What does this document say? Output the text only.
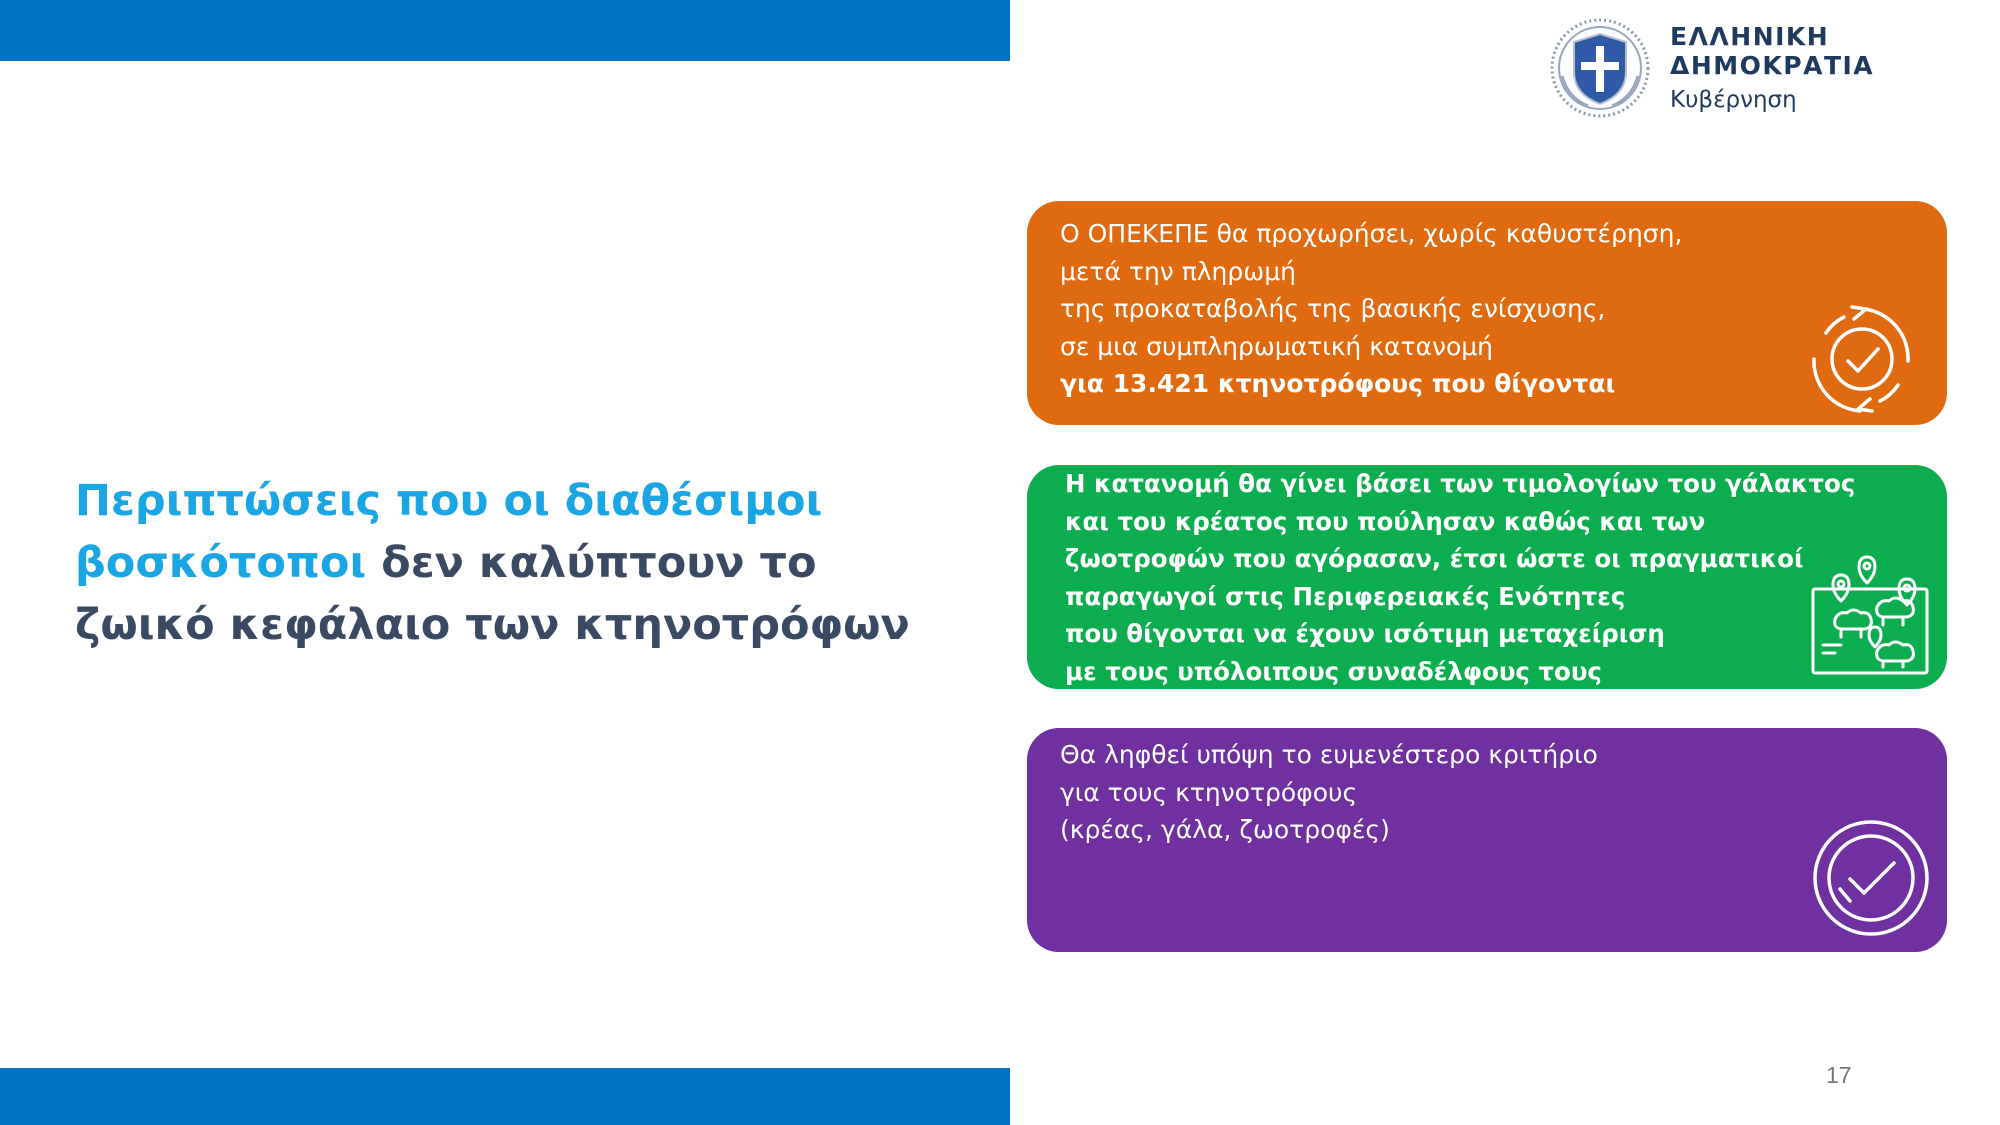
ΕΛΛΗΝΙΚΗ ΔΗΜΟΚΡΑΤΙΑ
Κυβέρνηση
Περιπτώσεις που οι διαθέσιμοι
βοσκότοποι δεν καλύπτουν το
ζωικό κεφάλαιο των κτηνοτρόφων
Ο ΟΠΕΚΕΠΕ θα προχωρήσει, χωρίς καθυστέρηση,
μετά την πληρωμή
της προκαταβολής της βασικής ενίσχυσης,
σε μια συμπληρωματική κατανομή
για 13.421 κτηνοτρόφους που θίγονται
Η κατανομή θα γίνει βάσει των τιμολογίων του γάλακτος
και του κρέατος που πούλησαν καθώς και των
ζωοτροφών που αγόρασαν, έτσι ώστε οι πραγματικοί
παραγωγοί στις Περιφερειακές Ενότητες
που θίγονται να έχουν ισότιμη μεταχείριση
με τους υπόλοιπους συναδέλφους τους
Θα ληφθεί υπόψη το ευμενέστερο κριτήριο
για τους κτηνοτρόφους
(κρέας, γάλα, ζωοτροφές)
17
